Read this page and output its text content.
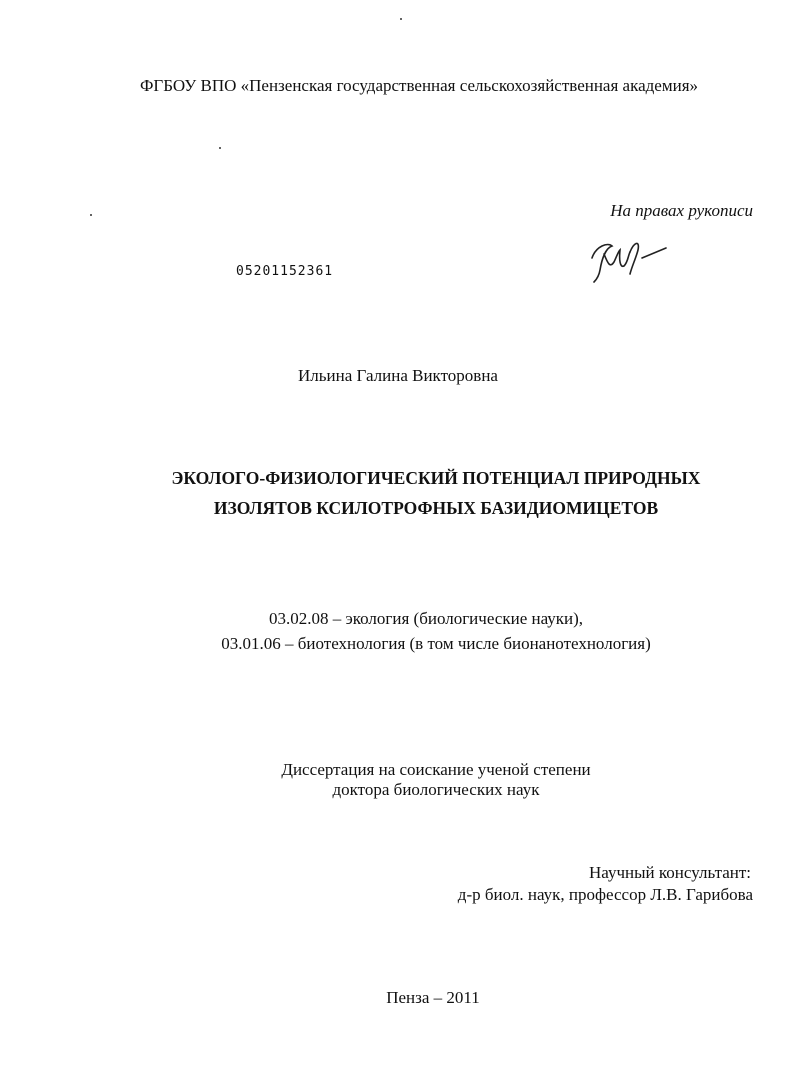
ФГБОУ ВПО «Пензенская государственная сельскохозяйственная академия»
На правах рукописи
05201152361
Ильина Галина Викторовна
ЭКОЛОГО-ФИЗИОЛОГИЧЕСКИЙ ПОТЕНЦИАЛ ПРИРОДНЫХ
ИЗОЛЯТОВ КСИЛОТРОФНЫХ БАЗИДИОМИЦЕТОВ
03.02.08 – экология (биологические науки),
03.01.06 – биотехнология (в том числе бионанотехнология)
Диссертация на соискание ученой степени
доктора биологических наук
Научный консультант:
д-р биол. наук, профессор Л.В. Гарибова
Пенза – 2011
